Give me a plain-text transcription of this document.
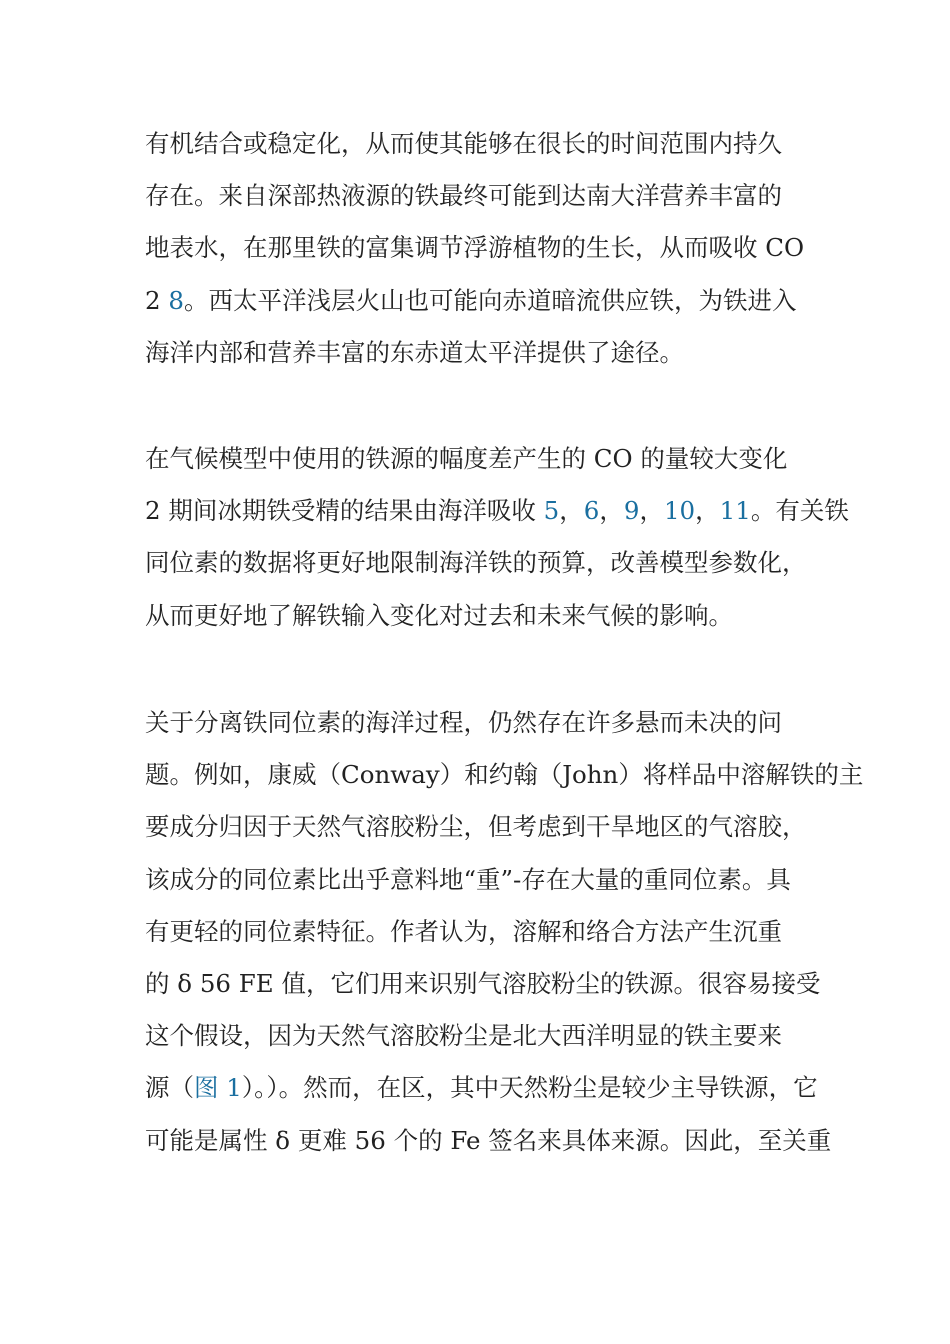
有机结合或稳定化，从而使其能够在很长的时间范围内持久
存在。来自深部热液源的铁最终可能到达南大洋营养丰富的
地表水，在那里铁的富集调节浮游植物的生长，从而吸收 CO
2 8。西太平洋浅层火山也可能向赤道暗流供应铁，为铁进入
海洋内部和营养丰富的东赤道太平洋提供了途径。
在气候模型中使用的铁源的幅度差产生的 CO 的量较大变化
2 期间冰期铁受精的结果由海洋吸收 5，6，9，10，11。有关铁
同位素的数据将更好地限制海洋铁的预算，改善模型参数化，
从而更好地了解铁输入变化对过去和未来气候的影响。
关于分离铁同位素的海洋过程，仍然存在许多悬而未决的问
题。例如，康威（Conway）和约翰（John）将样品中溶解铁的主
要成分归因于天然气溶胶粉尘，但考虑到干旱地区的气溶胶，
该成分的同位素比出乎意料地“重”-存在大量的重同位素。具
有更轻的同位素特征。作者认为，溶解和络合方法产生沉重
的 δ 56 FE 值，它们用来识别气溶胶粉尘的铁源。很容易接受
这个假设，因为天然气溶胶粉尘是北大西洋明显的铁主要来
源（图 1）。）。然而，在区，其中天然粉尘是较少主导铁源，它
可能是属性 δ 更难 56 个的 Fe 签名来具体来源。因此，至关重
